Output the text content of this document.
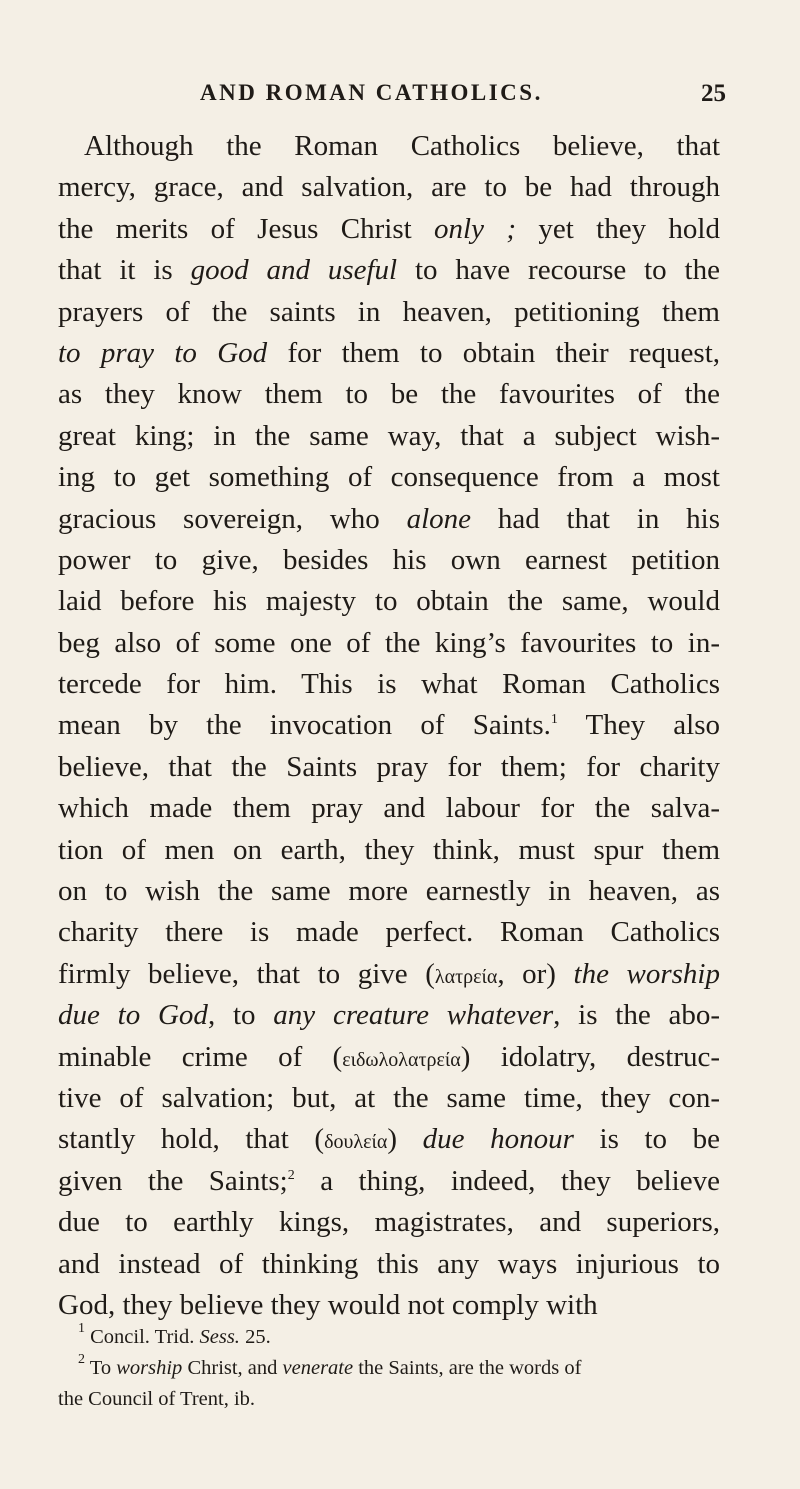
AND ROMAN CATHOLICS.	25
Although the Roman Catholics believe, that
mercy, grace, and salvation, are to be had through
the merits of Jesus Christ only ; yet they hold
that it is good and useful to have recourse to the
prayers of the saints in heaven, petitioning them
to pray to God for them to obtain their request,
as they know them to be the favourites of the
great king; in the same way, that a subject wish-
ing to get something of consequence from a most
gracious sovereign, who alone had that in his
power to give, besides his own earnest petition
laid before his majesty to obtain the same, would
beg also of some one of the king’s favourites to in-
tercede for him. This is what Roman Catholics
mean by the invocation of Saints.$^1$ They also
believe, that the Saints pray for them; for charity
which made them pray and labour for the salva-
tion of men on earth, they think, must spur them
on to wish the same more earnestly in heaven, as
charity there is made perfect. Roman Catholics
firmly believe, that to give (λατρεία, or) the worship
due to God, to any creature whatever, is the abo-
minable crime of (ειδωλολατρεία) idolatry, destruc-
tive of salvation; but, at the same time, they con-
stantly hold, that (δουλεία) due honour is to be
given the Saints;$^2$ a thing, indeed, they believe
due to earthly kings, magistrates, and superiors,
and instead of thinking this any ways injurious to
God, they believe they would not comply with
$^1$ Concil. Trid. Sess. 25.
$^2$ To worship Christ, and venerate the Saints, are the words of
the Council of Trent, ib.
